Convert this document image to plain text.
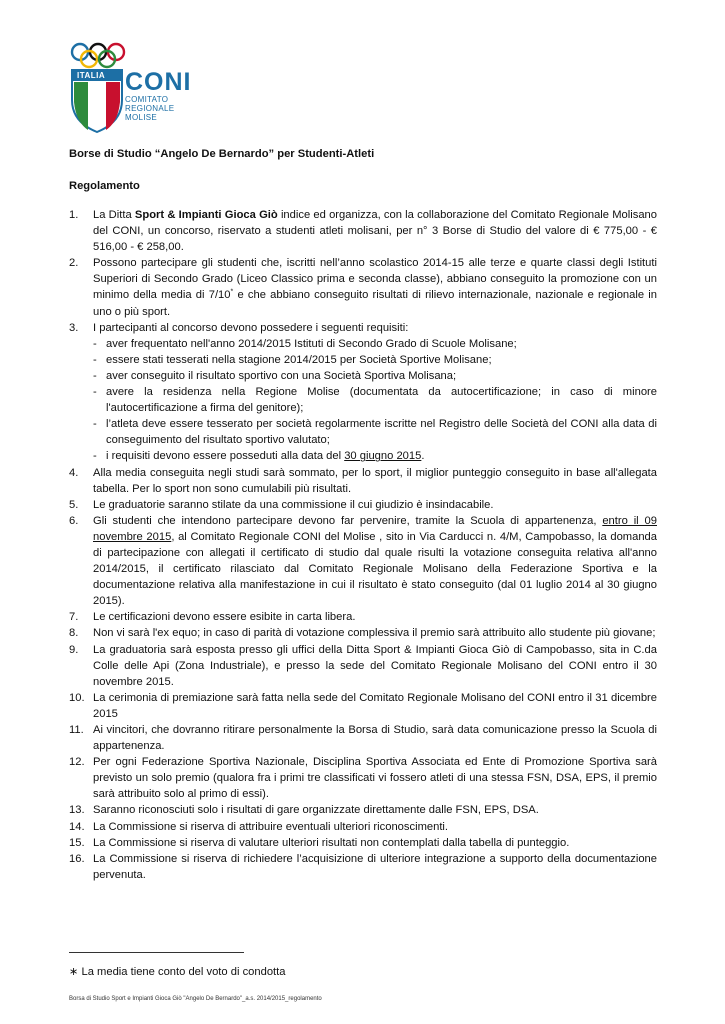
ITALIA CONI
COMITATO
REGIONALE
MOLISE
Borse di Studio “Angelo De Bernardo” per Studenti-Atleti
Regolamento
1. La Ditta Sport & Impianti Gioca Giò indice ed organizza, con la collaborazione del Comitato Regionale Molisano del CONI, un concorso, riservato a studenti atleti molisani, per n° 3 Borse di Studio del valore di € 775,00 - € 516,00 - € 258,00.
2. Possono partecipare gli studenti che, iscritti nell’anno scolastico 2014-15 alle terze e quarte classi degli Istituti Superiori di Secondo Grado (Liceo Classico prima e seconda classe), abbiano conseguito la promozione con un minimo della media di 7/10* e che abbiano conseguito risultati di rilievo internazionale, nazionale e regionale in uno o più sport.
3. I partecipanti al concorso devono possedere i seguenti requisiti:
- aver frequentato nell'anno 2014/2015 Istituti di Secondo Grado di Scuole Molisane;
- essere stati tesserati nella stagione 2014/2015 per Società Sportive Molisane;
- aver conseguito il risultato sportivo con una Società Sportiva Molisana;
- avere la residenza nella Regione Molise (documentata da autocertificazione; in caso di minore l'autocertificazione a firma del genitore);
- l’atleta deve essere tesserato per società regolarmente iscritte nel Registro delle Società del CONI alla data di conseguimento del risultato sportivo valutato;
- i requisiti devono essere posseduti alla data del 30 giugno 2015.
4. Alla media conseguita negli studi sarà sommato, per lo sport, il miglior punteggio conseguito in base all'allegata tabella. Per lo sport non sono cumulabili più risultati.
5. Le graduatorie saranno stilate da una commissione il cui giudizio è insindacabile.
6. Gli studenti che intendono partecipare devono far pervenire, tramite la Scuola di appartenenza, entro il 09 novembre 2015, al Comitato Regionale CONI del Molise , sito in Via Carducci n. 4/M, Campobasso, la domanda di partecipazione con allegati il certificato di studio dal quale risulti la votazione conseguita relativa all'anno 2014/2015, il certificato rilasciato dal Comitato Regionale Molisano della Federazione Sportiva e la documentazione relativa alla manifestazione in cui il risultato è stato conseguito (dal 01 luglio 2014 al 30 giugno 2015).
7. Le certificazioni devono essere esibite in carta libera.
8. Non vi sarà l'ex equo; in caso di parità di votazione complessiva il premio sarà attribuito allo studente più giovane;
9. La graduatoria sarà esposta presso gli uffici della Ditta Sport & Impianti Gioca Giò di Campobasso, sita in C.da Colle delle Api (Zona Industriale), e presso la sede del Comitato Regionale Molisano del CONI entro il 30 novembre 2015.
10. La cerimonia di premiazione sarà fatta nella sede del Comitato Regionale Molisano del CONI entro il 31 dicembre 2015
11. Ai vincitori, che dovranno ritirare personalmente la Borsa di Studio, sarà data comunicazione presso la Scuola di appartenenza.
12. Per ogni Federazione Sportiva Nazionale, Disciplina Sportiva Associata ed Ente di Promozione Sportiva sarà previsto un solo premio (qualora fra i primi tre classificati vi fossero atleti di una stessa FSN, DSA, EPS, il premio sarà attribuito solo al primo di essi).
13. Saranno riconosciuti solo i risultati di gare organizzate direttamente dalle FSN, EPS, DSA.
14. La Commissione si riserva di attribuire eventuali ulteriori riconoscimenti.
15. La Commissione si riserva di valutare ulteriori risultati non contemplati dalla tabella di punteggio.
16. La Commissione si riserva di richiedere l’acquisizione di ulteriore integrazione a supporto della documentazione pervenuta.
∗ La media tiene conto del voto di condotta
Borsa di Studio Sport e Impianti Gioca Giò "Angelo De Bernardo"_a.s. 2014/2015_regolamento
